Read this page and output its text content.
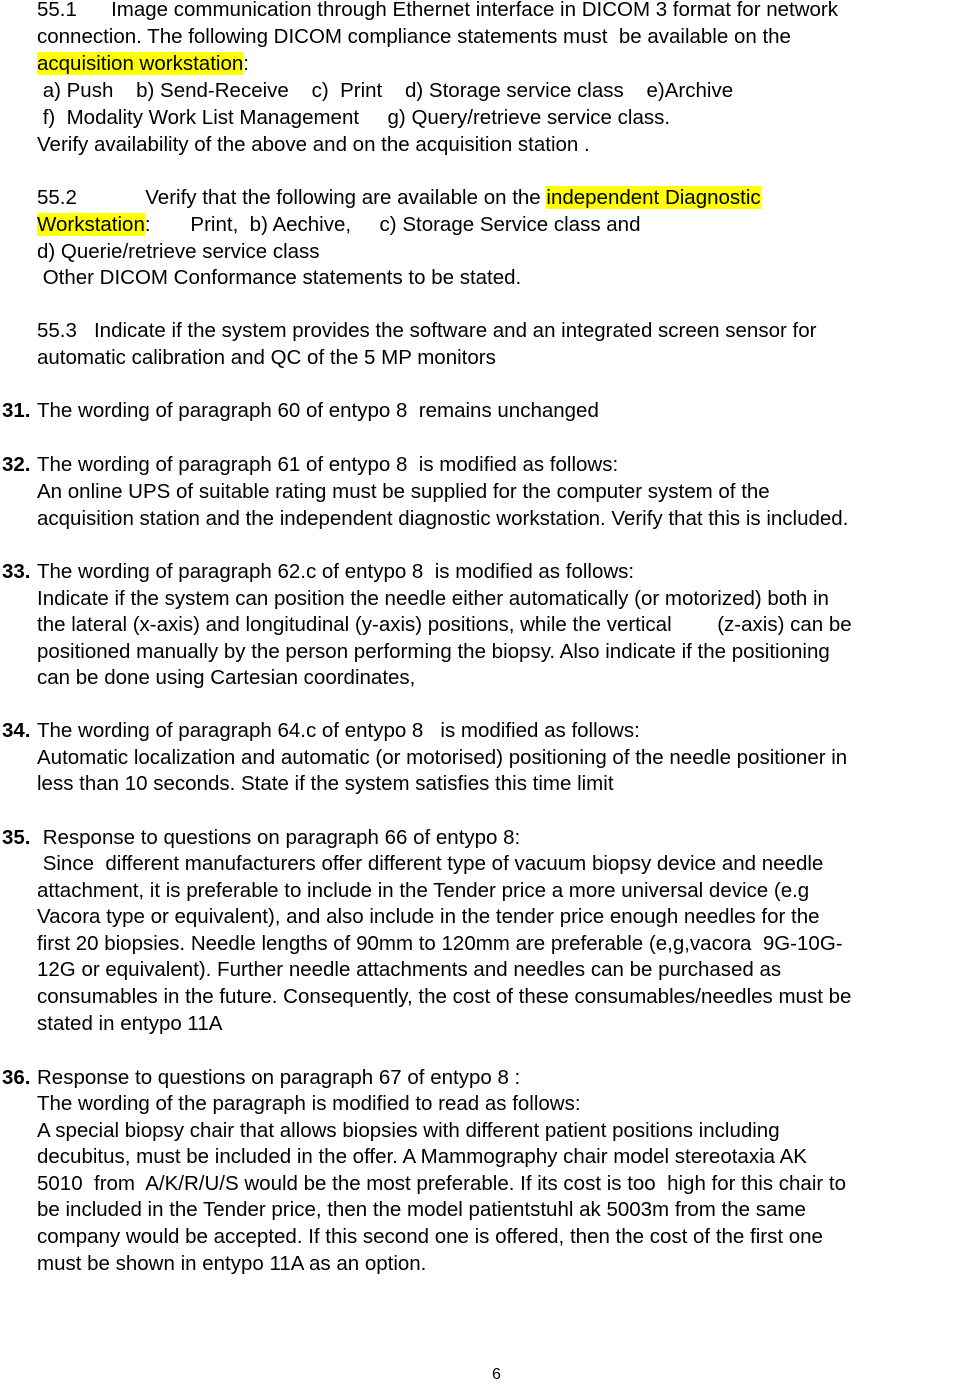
55.1      Image communication through Ethernet interface in DICOM 3 format for network
connection. The following DICOM compliance statements must  be available on the
acquisition workstation:
a) Push    b) Send-Receive    c)  Print    d) Storage service class    e)Archive
f)  Modality Work List Management     g) Query/retrieve service class.
Verify availability of the above and on the acquisition station .
55.2            Verify that the following are available on the independent Diagnostic
Workstation:       Print,  b) Aechive,     c) Storage Service class and
d) Querie/retrieve service class
Other DICOM Conformance statements to be stated.
55.3   Indicate if the system provides the software and an integrated screen sensor for
automatic calibration and QC of the 5 MP monitors
31. The wording of paragraph 60 of entypo 8  remains unchanged
32. The wording of paragraph 61 of entypo 8  is modified as follows:
An online UPS of suitable rating must be supplied for the computer system of the
acquisition station and the independent diagnostic workstation. Verify that this is included.
33. The wording of paragraph 62.c of entypo 8  is modified as follows:
Indicate if the system can position the needle either automatically (or motorized) both in
the lateral (x-axis) and longitudinal (y-axis) positions, while the vertical        (z-axis) can be
positioned manually by the person performing the biopsy. Also indicate if the positioning
can be done using Cartesian coordinates,
34. The wording of paragraph 64.c of entypo 8   is modified as follows:
Automatic localization and automatic (or motorised) positioning of the needle positioner in
less than 10 seconds. State if the system satisfies this time limit
35. Response to questions on paragraph 66 of entypo 8:
Since  different manufacturers offer different type of vacuum biopsy device and needle
attachment, it is preferable to include in the Tender price a more universal device (e.g
Vacora type or equivalent), and also include in the tender price enough needles for the
first 20 biopsies. Needle lengths of 90mm to 120mm are preferable (e,g,vacora  9G-10G-
12G or equivalent). Further needle attachments and needles can be purchased as
consumables in the future. Consequently, the cost of these consumables/needles must be
stated in entypo 11A
36. Response to questions on paragraph 67 of entypo 8 :
The wording of the paragraph is modified to read as follows:
A special biopsy chair that allows biopsies with different patient positions including
decubitus, must be included in the offer. A Mammography chair model stereotaxia AK
5010  from  A/K/R/U/S would be the most preferable. If its cost is too  high for this chair to
be included in the Tender price, then the model patientstuhl ak 5003m from the same
company would be accepted. If this second one is offered, then the cost of the first one
must be shown in entypo 11A as an option.
6
